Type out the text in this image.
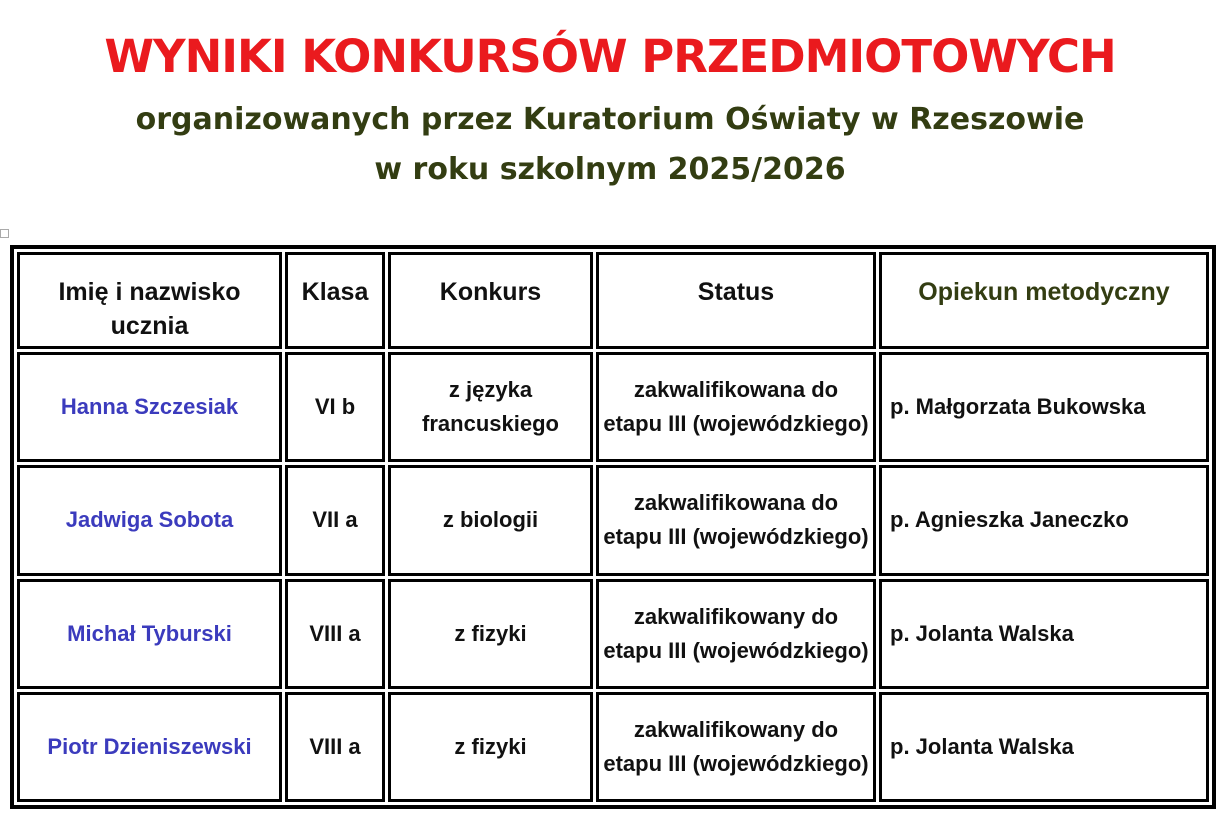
WYNIKI KONKURSÓW PRZEDMIOTOWYCH
organizowanych przez Kuratorium Oświaty w Rzeszowie
w roku szkolnym 2025/2026
Imię i nazwisko ucznia	Klasa	Konkurs	Status	Opiekun metodyczny
Hanna Szczesiak	VI b	z języka francuskiego	zakwalifikowana do etapu III (wojewódzkiego)	p. Małgorzata Bukowska
Jadwiga Sobota	VII a	z biologii	zakwalifikowana do etapu III (wojewódzkiego)	p. Agnieszka Janeczko
Michał Tyburski	VIII a	z fizyki	zakwalifikowany do etapu III (wojewódzkiego)	p. Jolanta Walska
Piotr Dzieniszewski	VIII a	z fizyki	zakwalifikowany do etapu III (wojewódzkiego)	p. Jolanta Walska
